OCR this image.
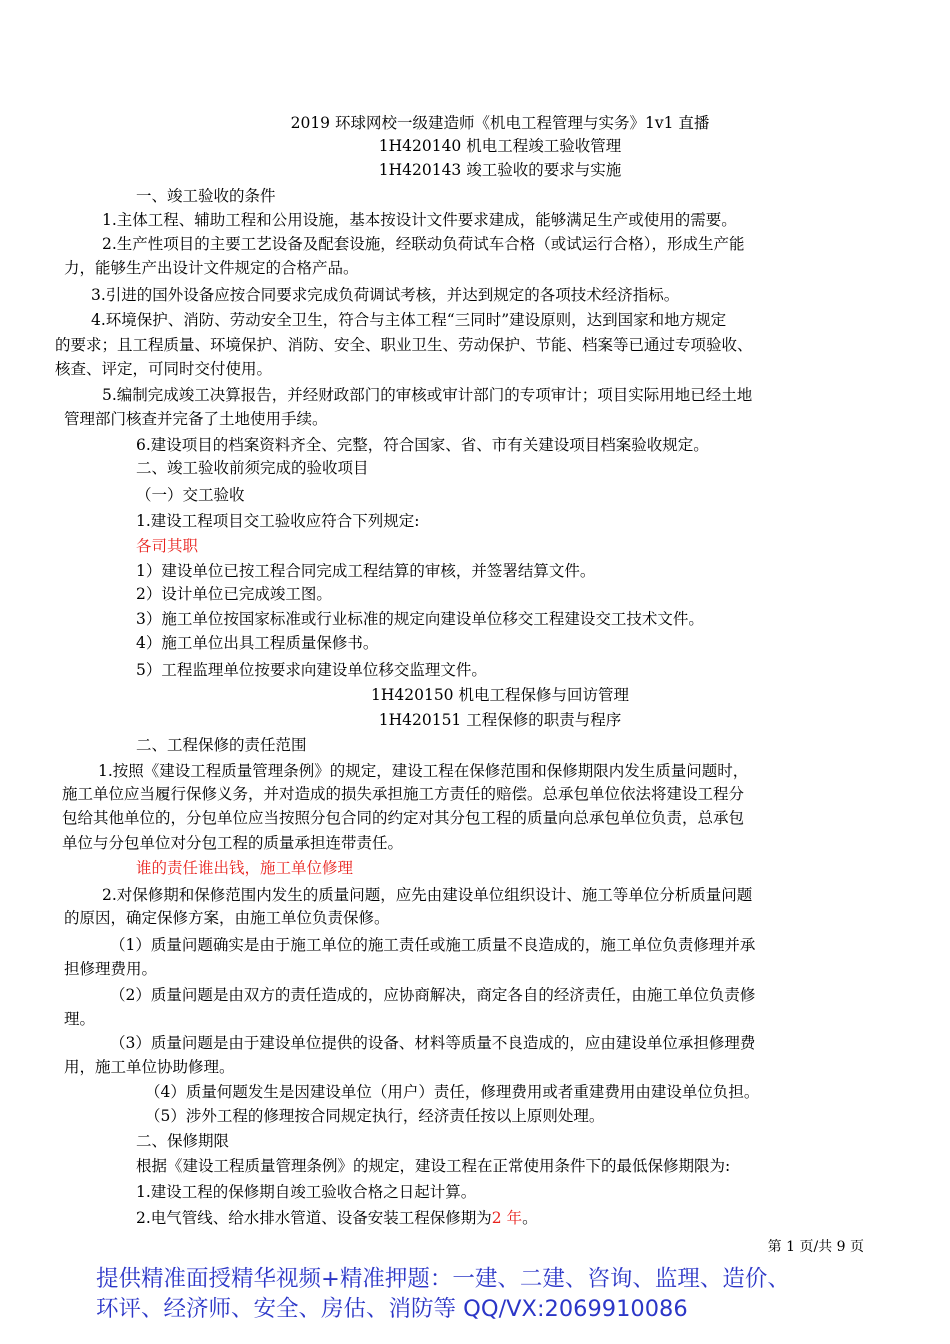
2019 环球网校一级建造师《机电工程管理与实务》1v1 直播
1H420140 机电工程竣工验收管理
1H420143 竣工验收的要求与实施
一、竣工验收的条件
1.主体工程、辅助工程和公用设施，基本按设计文件要求建成，能够满足生产或使用的需要。
2.生产性项目的主要工艺设备及配套设施，经联动负荷试车合格（或试运行合格），形成生产能
力，能够生产出设计文件规定的合格产品。
3.引进的国外设备应按合同要求完成负荷调试考核，并达到规定的各项技术经济指标。
4.环境保护、消防、劳动安全卫生，符合与主体工程“三同时”建设原则，达到国家和地方规定
的要求；且工程质量、环境保护、消防、安全、职业卫生、劳动保护、节能、档案等已通过专项验收、
核查、评定，可同时交付使用。
5.编制完成竣工决算报告，并经财政部门的审核或审计部门的专项审计；项目实际用地已经土地
管理部门核查并完备了土地使用手续。
6.建设项目的档案资料齐全、完整，符合国家、省、市有关建设项目档案验收规定。
二、竣工验收前须完成的验收项目
（一）交工验收
1.建设工程项目交工验收应符合下列规定:
各司其职
1）建设单位已按工程合同完成工程结算的审核，并签署结算文件。
2）设计单位已完成竣工图。
3）施工单位按国家标准或行业标准的规定向建设单位移交工程建设交工技术文件。
4）施工单位出具工程质量保修书。
5）工程监理单位按要求向建设单位移交监理文件。
1H420150 机电工程保修与回访管理
1H420151 工程保修的职责与程序
二、工程保修的责任范围
1.按照《建设工程质量管理条例》的规定，建设工程在保修范围和保修期限内发生质量问题时，
施工单位应当履行保修义务，并对造成的损失承担施工方责任的赔偿。总承包单位依法将建设工程分
包给其他单位的，分包单位应当按照分包合同的约定对其分包工程的质量向总承包单位负责，总承包
单位与分包单位对分包工程的质量承担连带责任。
谁的责任谁出钱，施工单位修理
2.对保修期和保修范围内发生的质量问题，应先由建设单位组织设计、施工等单位分析质量问题
的原因，确定保修方案，由施工单位负责保修。
（1）质量问题确实是由于施工单位的施工责任或施工质量不良造成的，施工单位负责修理并承
担修理费用。
（2）质量问题是由双方的责任造成的，应协商解决，商定各自的经济责任，由施工单位负责修
理。
（3）质量问题是由于建设单位提供的设备、材料等质量不良造成的，应由建设单位承担修理费
用，施工单位协助修理。
（4）质量何题发生是因建设单位（用户）责任，修理费用或者重建费用由建设单位负担。
（5）涉外工程的修理按合同规定执行，经济责任按以上原则处理。
二、保修期限
根据《建设工程质量管理条例》的规定，建设工程在正常使用条件下的最低保修期限为:
1.建设工程的保修期自竣工验收合格之日起计算。
2.电气管线、给水排水管道、设备安装工程保修期为2 年。
第 1 页/共 9 页
提供精准面授精华视频+精准押题：一建、二建、咨询、监理、造价、
环评、经济师、安全、房估、消防等 QQ/VX:2069910086
